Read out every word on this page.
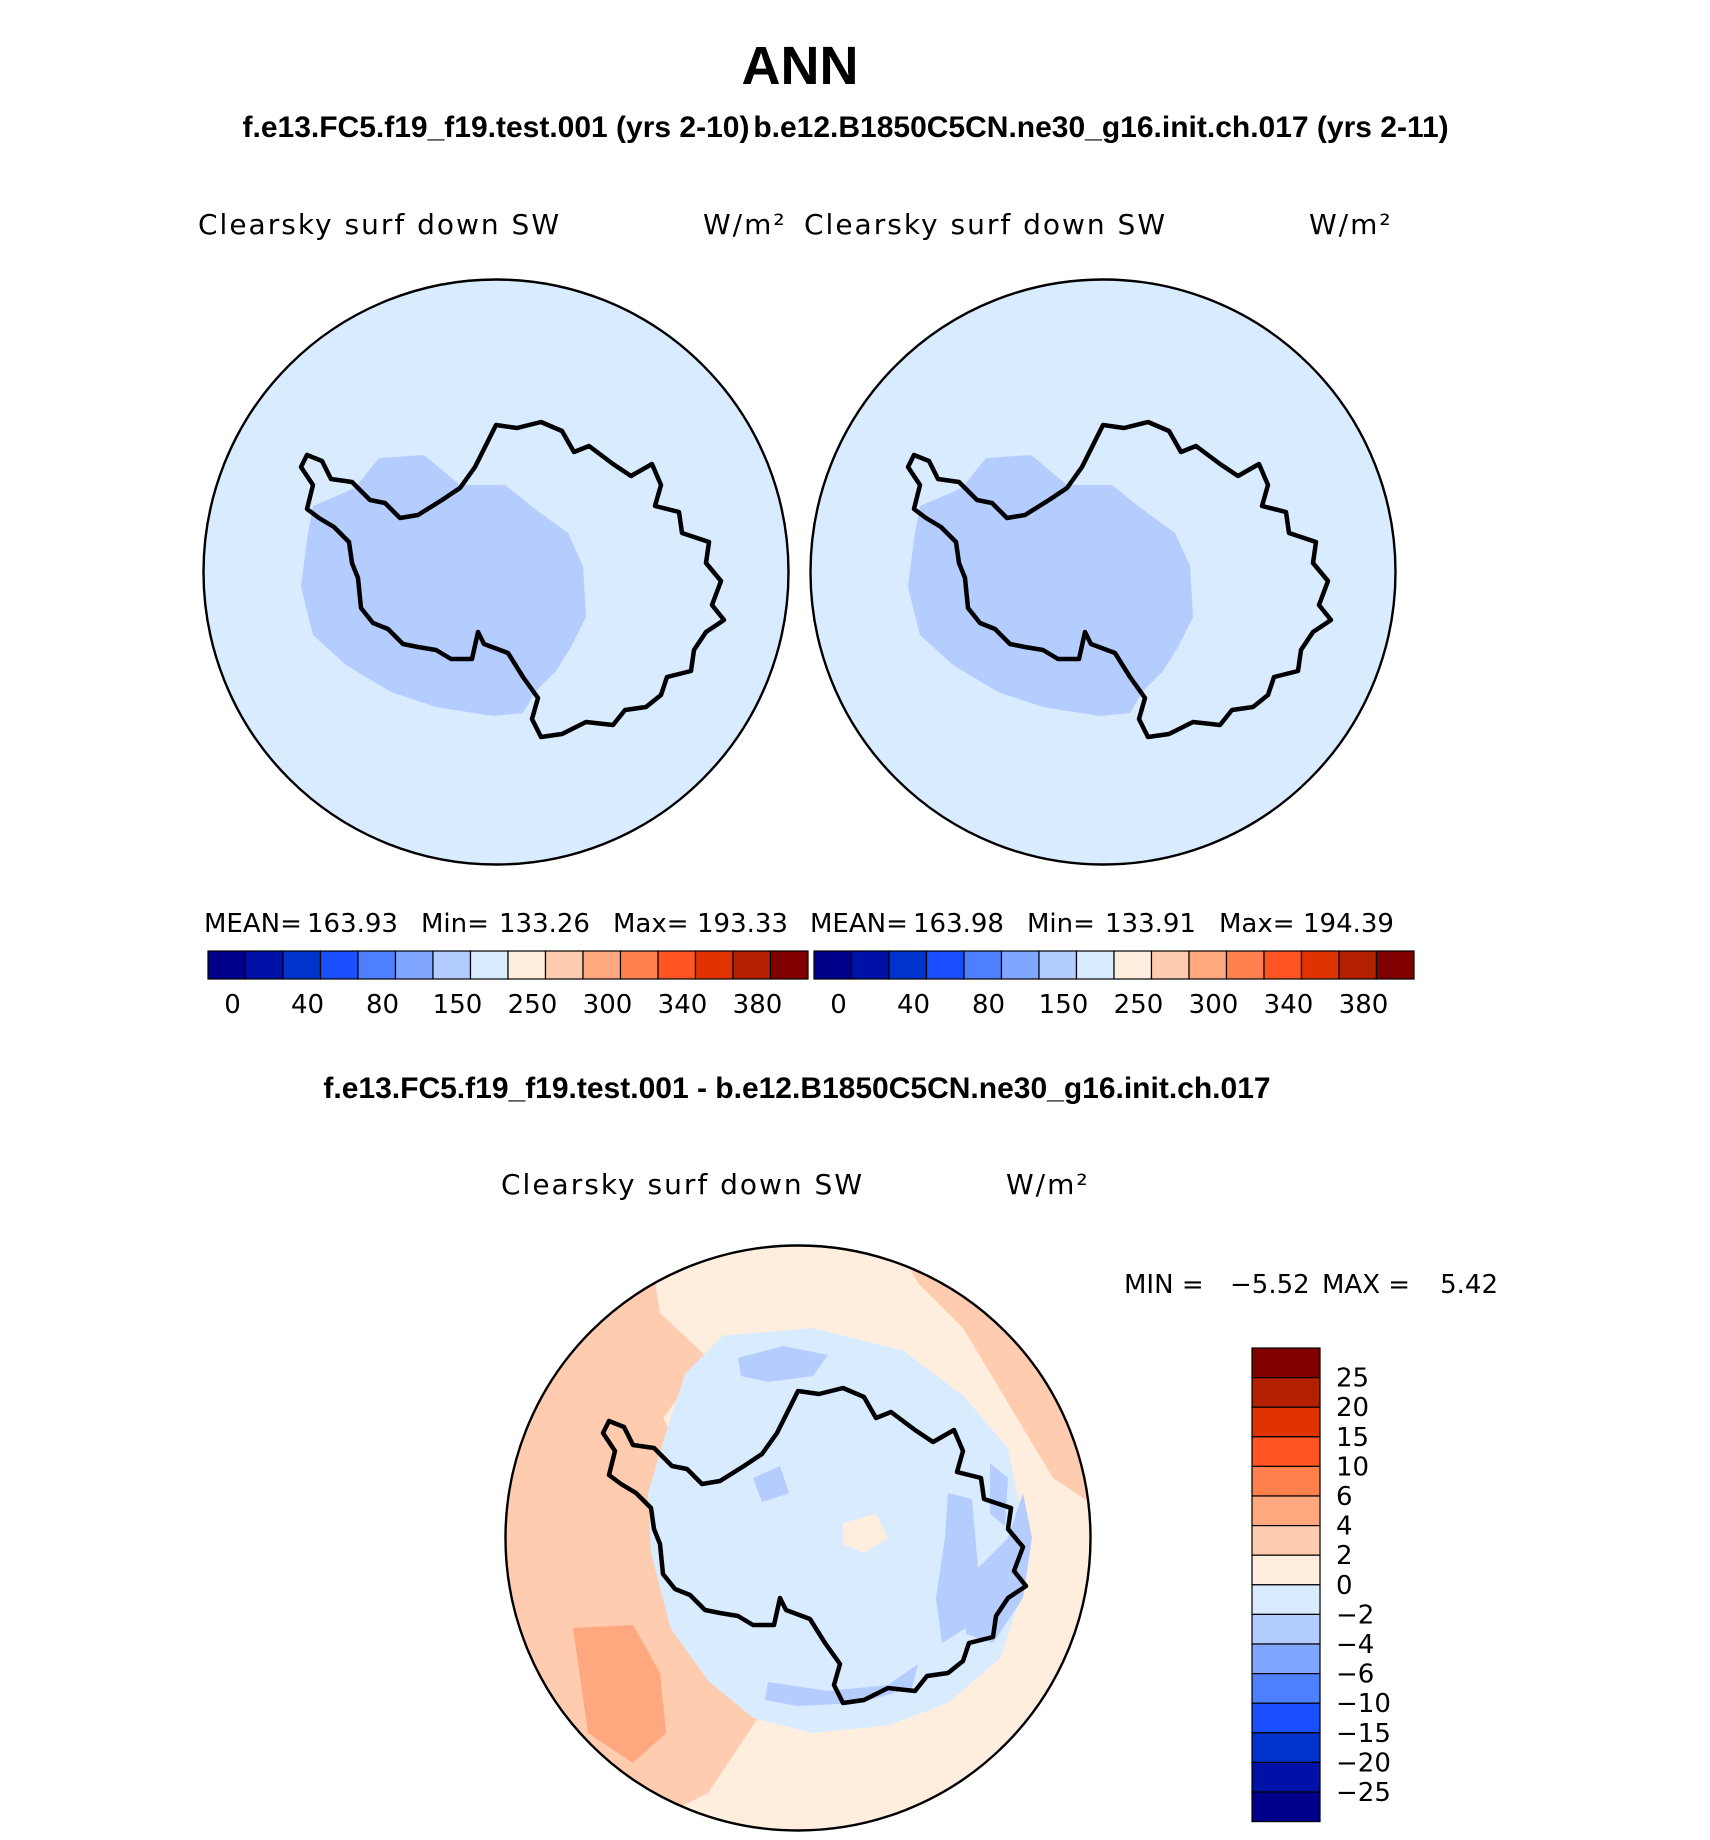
ANN
f.e13.FC5.f19_f19.test.001 (yrs 2-10) b.e12.B1850C5CN.ne30_g16.init.ch.017 (yrs 2-11)
f.e13.FC5.f19_f19.test.001 - b.e12.B1850C5CN.ne30_g16.init.ch.017
Clearsky surf down SW	W/m²
MEAN= 163.93 Min= 133.26 Max= 193.33
0 40 80 150 250 300 340 380
Clearsky surf down SW	W/m²
MEAN= 163.98 Min= 133.91 Max= 194.39
0 40 80 150 250 300 340 380
Clearsky surf down SW	W/m²
MIN = −5.52 MAX = 5.42
25
20
15
10
6
4
2
0
−2
−4
−6
−10
−15
−20
−25
